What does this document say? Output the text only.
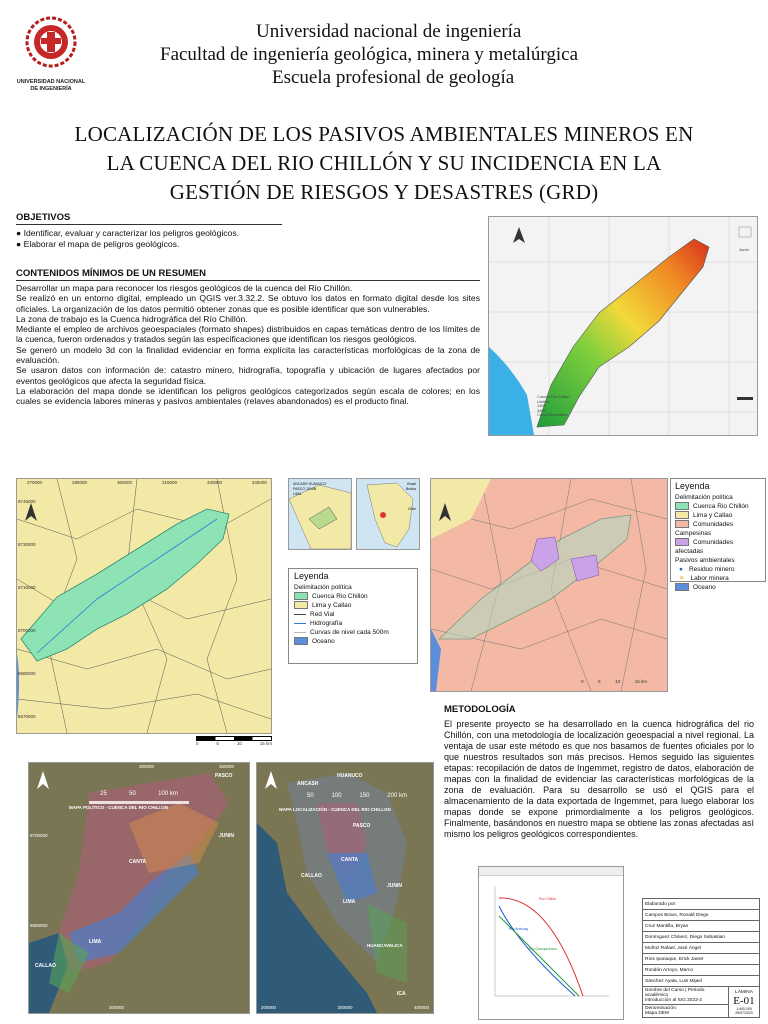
UNIVERSIDAD NACIONAL DE INGENIERÍA
Universidad nacional de ingeniería
Facultad de ingeniería geológica, minera y metalúrgica
Escuela profesional de geología
LOCALIZACIÓN DE LOS PASIVOS AMBIENTALES MINEROS EN
LA CUENCA DEL RIO CHILLÓN Y SU INCIDENCIA EN LA
GESTIÓN DE RIESGOS Y DESASTRES (GRD)
OBJETIVOS
● Identificar, evaluar y caracterizar los peligros geológicos.
● Elaborar el mapa de peligros geológicos.
CONTENIDOS MÍNIMOS DE UN RESUMEN

Desarrollar un mapa para reconocer los riesgos geológicos de la cuenca del Rio Chillón.

Se realizó en un entorno digital, empleado un QGIS ver.3.32.2. Se obtuvo los datos en formato digital desde los sites oficiales. La organización de los datos permitió obtener zonas que es posible identificar que son vulnerables.

La zona de trabajo es la Cuenca hidrográfica del Río Chillón.

Mediante el empleo de archivos geoespaciales (formato shapes) distribuidos en capas temáticas dentro de los límites de la cuenca, fueron ordenados y tratados según las especificaciones que identifican los riesgos geológicos.

Se generó un modelo 3d con la finalidad evidenciar en forma explícita las características morfológicas de la zona de evaluación.

Se usaron datos con información de: catastro minero, hidrografía, topografía y ubicación de lugares afectados por eventos geológicos que afecta la seguridad física.

La elaboración del mapa donde se identifican los peligros geológicos categorizados según escala de colores; en los cuales se evidencia labores mineras y pasivos ambientales (relaves abandonados) es el producto final.	Cuenca Rio Chillón
Límites
1400
3400
Curva Secundaria
Junín
270000	285000	300000	315000	330000	345000
8745000
8730000
8715000
8700000
8685000
8670000
0	5	10	15 km
ANCASH HUANUCO
PASCO JUNIN
LIMA
Brasil

Bolivia

Chile
Leyenda
Delimitación política
Cuenca Rio Chillón
Lima y Callao
Red Vial
Hidrografía
Curvas de nivel cada 500m
Oceano
0	5	10	15 km
Leyenda
Delimitación política
Cuenca Rio Chillón
Lima y Callao
Comunidades Campesinas
Comunidades afectadas
Pasivos ambientales
● Residuo minero
✕ Labor minera
Oceano
METODOLOGÍA
El presente proyecto se ha desarrollado en la cuenca hidrográfica del rio Chillón, con una metodología de localización geoespacial a nivel regional. La ventaja de usar este método es que nos basamos de fuentes oficiales por lo que nuestros resultados son más precisos. Hemos seguido las siguientes etapas: recopilación de datos de Ingemmet, registro de datos, elaboración de mapas con la finalidad de evidenciar las características morfológicas de la zona de evaluación. Para su desarrollo se usó el QGIS para el almacenamiento de la data exportada de Ingemmet, para luego elaborar los mapas donde se expone primordialmente a los peligros geológicos. Finalmente, basándonos en nuestro mapa se obtiene las zonas afectadas así mismo los peligros geológicos correspondientes.
MAPA POLÍTICO - CUENCA DEL RIO CHILLON
25	50	100 km
PASCO
JUNIN
LIMA
CALLAO
CANTA
300000	350000
300000
8700000
8650000
MAPA LOCALIZACIÓN - CUENCA DEL RIO CHILLON
50	100	150	200 km
ANCASH
HUANUCO
PASCO
JUNIN
LIMA
CALLAO
HUANCAVELICA
CANTA
ICA
200000	300000	400000
Río Chillón
Río Arahuay
Río Quisquichaca
Elaborado por:
Campos Bravo, Ronald Diego
Cruz Mantilla, Bryan
Domínguez Chávez, Diego Sebastian
Muñoz Rafael, José Ángel
Ríos Ipanaque, Erick Javier
Rondón Arroyo, Marco
Sánchez Ayala, Luis Mijael
Nombre del Curso | Periodo académico
Introducción al SIG 2023-2	
LÁMINA
E-01
1:400,000
25/07/2023

Denominación:
Mapa DEM
